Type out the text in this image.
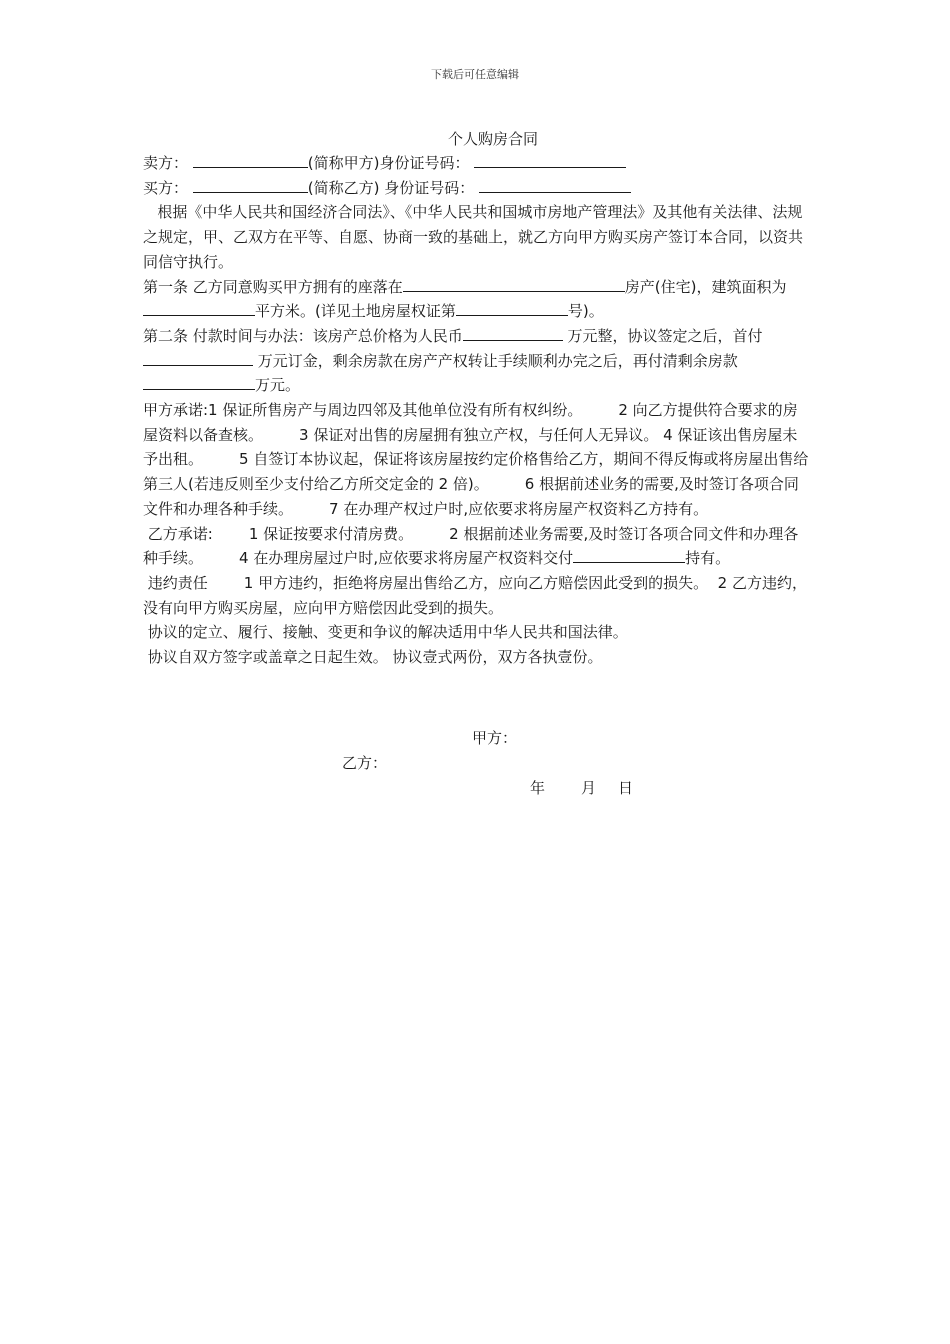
下载后可任意编辑
个人购房合同

卖方：	(简称甲方)身份证号码：

买方：	(简称乙方) 身份证号码：

根据《中华人民共和国经济合同法》、《中华人民共和国城市房地产管理法》及其他有关法律、法规之规定，甲、乙双方在平等、自愿、协商一致的基础上，就乙方向甲方购买房产签订本合同，以资共同信守执行。

第一条 乙方同意购买甲方拥有的座落在	房产(住宅)，建筑面积为平方米。(详见土地房屋权证第	号)。

第二条 付款时间与办法：该房产总价格为人民币	万元整，协议签定之后，首付 万元订金，剩余房款在房产产权转让手续顺利办完之后，再付清剩余房款万元。

甲方承诺:1 保证所售房产与周边四邻及其他单位没有所有权纠纷。 2 向乙方提供符合要求的房屋资料以备查核。 3 保证对出售的房屋拥有独立产权，与任何人无异议。 4 保证该出售房屋未予出租。 5 自签订本协议起，保证将该房屋按约定价格售给乙方，期间不得反悔或将房屋出售给第三人(若违反则至少支付给乙方所交定金的 2 倍)。 6 根据前述业务的需要,及时签订各项合同文件和办理各种手续。 7 在办理产权过户时,应依要求将房屋产权资料乙方持有。

乙方承诺: 1 保证按要求付清房费。 2 根据前述业务需要,及时签订各项合同文件和办理各种手续。 4 在办理房屋过户时,应依要求将房屋产权资料交付	持有。

违约责任 1 甲方违约，拒绝将房屋出售给乙方，应向乙方赔偿因此受到的损失。 2 乙方违约，没有向甲方购买房屋，应向甲方赔偿因此受到的损失。

协议的定立、履行、接触、变更和争议的解决适用中华人民共和国法律。

协议自双方签字或盖章之日起生效。 协议壹式两份，双方各执壹份。

甲方：
乙方：
年 月 日
